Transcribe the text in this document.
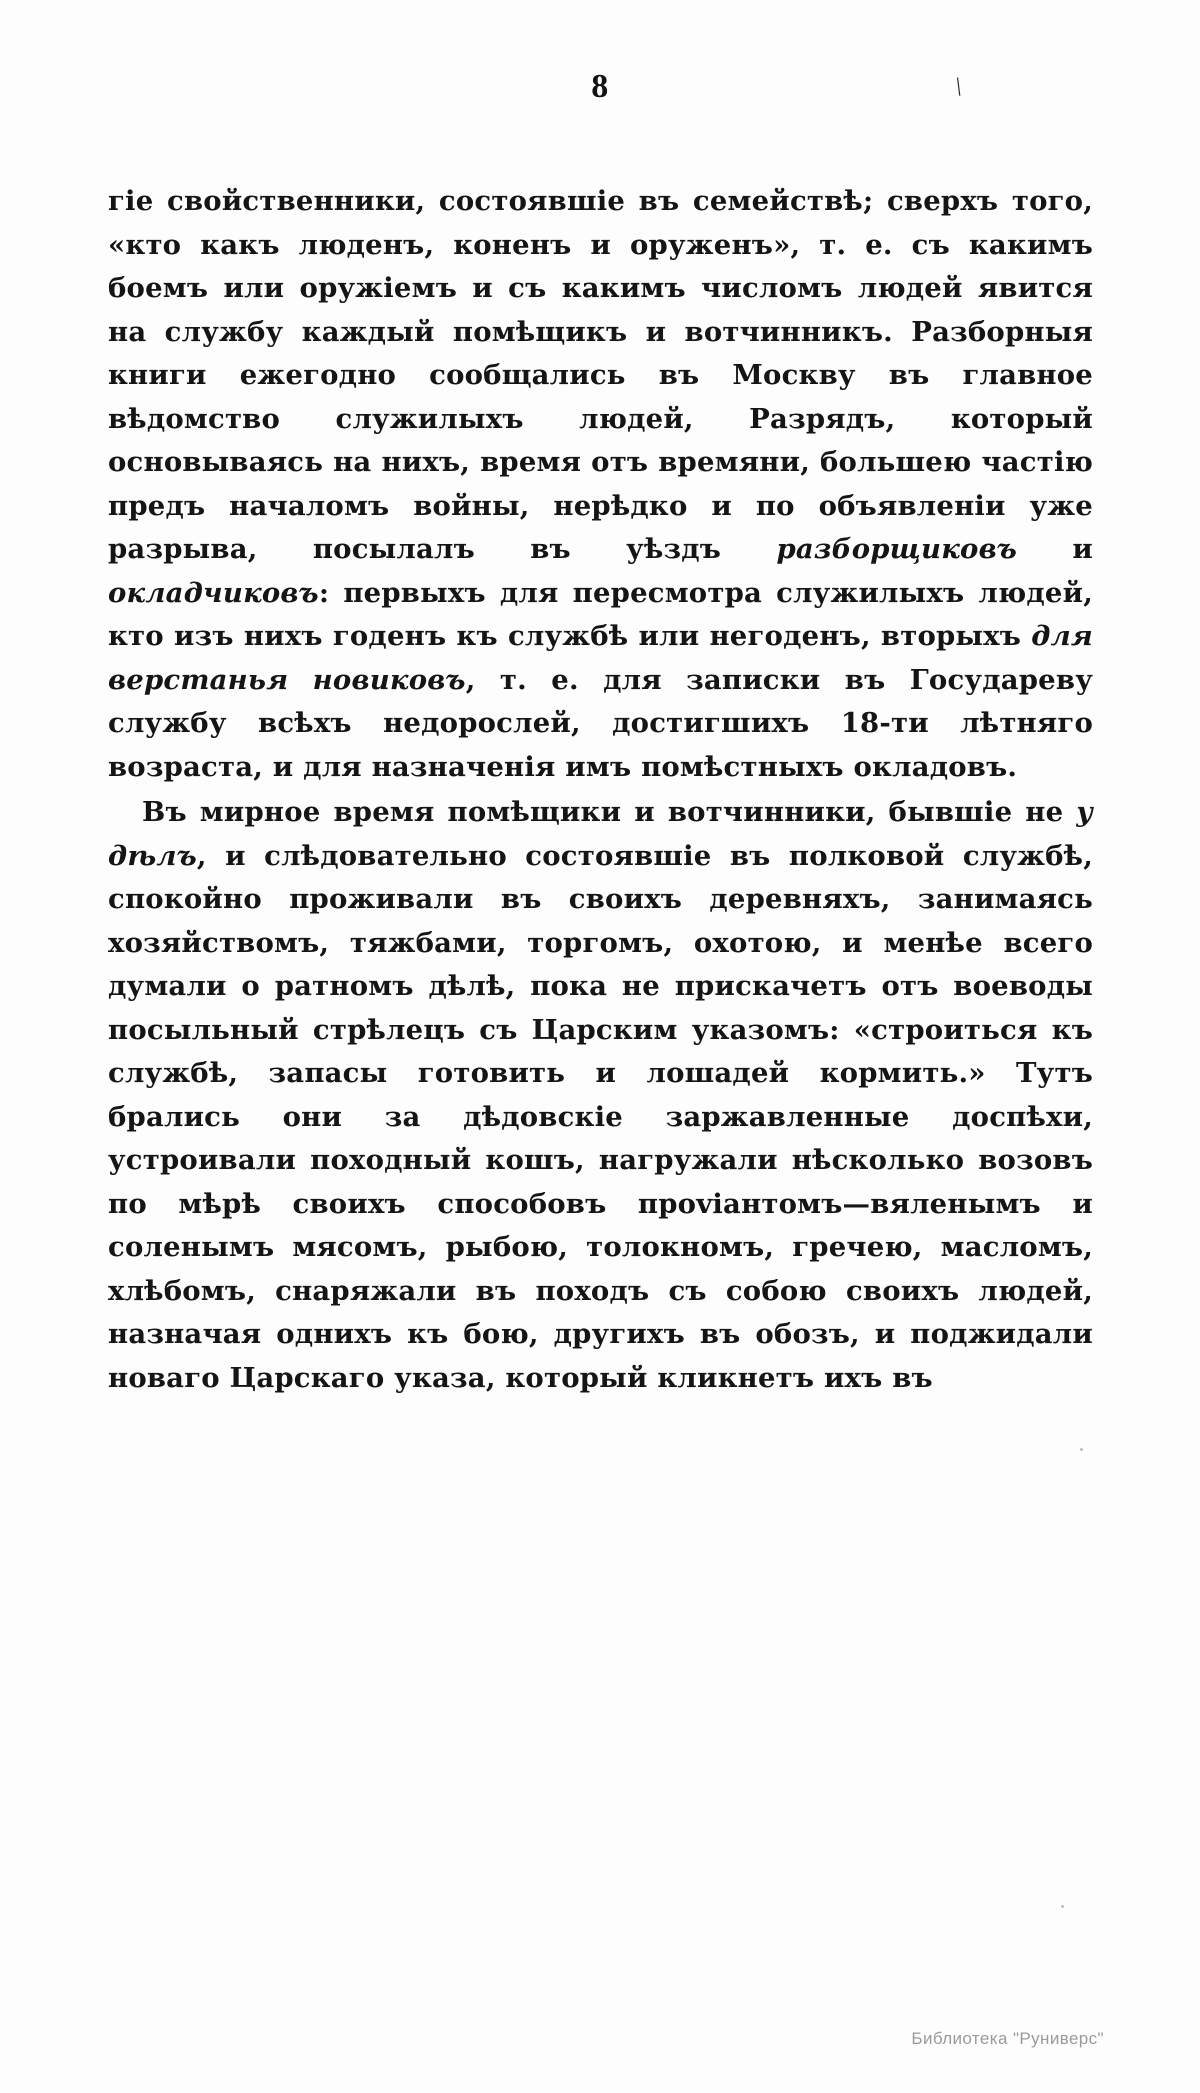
8	\

гіе свойственники, состоявшіе въ семействѣ; сверхъ того, «кто какъ люденъ, коненъ и оруженъ», т. е. съ какимъ боемъ или оружіемъ и съ какимъ числомъ людей явится на службу каждый помѣщикъ и вотчинникъ. Разборныя книги ежегодно сообщались въ Москву въ главное вѣдомство служилыхъ людей, Разрядъ, который основываясь на нихъ, время отъ времяни, большею частію предъ началомъ войны, нерѣдко и по объявленіи уже разрыва, посылалъ въ уѣздъ разборщиковъ и окладчиковъ: первыхъ для пересмотра служилыхъ людей, кто изъ нихъ годенъ къ службѣ или негоденъ, вторыхъ для верстанья новиковъ, т. е. для записки въ Государеву службу всѣхъ недорослей, достигшихъ 18-ти лѣтняго возраста, и для назначенія имъ помѣстныхъ окладовъ.

Въ мирное время помѣщики и вотчинники, бывшіе не у дѣлъ, и слѣдовательно состоявшіе въ полковой службѣ, спокойно проживали въ своихъ деревняхъ, занимаясь хозяйствомъ, тяжбами, торгомъ, охотою, и менѣе всего думали о ратномъ дѣлѣ, пока не прискачетъ отъ воеводы посыльный стрѣлецъ съ Царским указомъ: «строиться къ службѣ, запасы готовить и лошадей кормить.» Тутъ брались они за дѣдовскіе заржавленные доспѣхи, устроивали походный кошъ, нагружали нѣсколько возовъ по мѣрѣ своихъ способовъ проviантомъ—вяленымъ и соленымъ мясомъ, рыбою, толокномъ, гречею, масломъ, хлѣбомъ, снаряжали въ походъ съ собою своихъ людей, назначая однихъ къ бою, другихъ въ обозъ, и поджидали новаго Царскаго указа, который кликнетъ ихъ въ

Библиотека "Руниверс"
